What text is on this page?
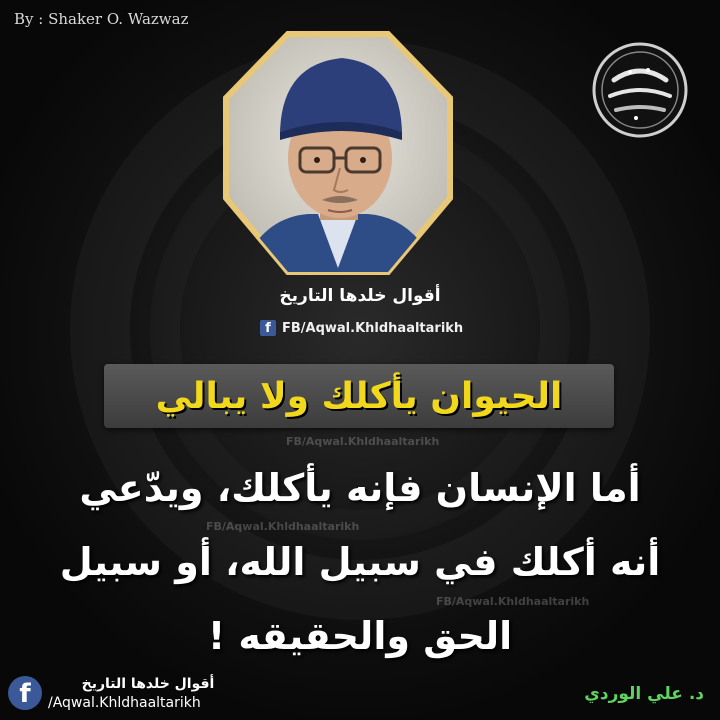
By : Shaker O. Wazwaz
أقوال خلدها التاريخ
f FB/Aqwal.Khldhaaltarikh
الحيوان يأكلك ولا يبالي
FB/Aqwal.Khldhaaltarikh
FB/Aqwal.Khldhaaltarikh
FB/Aqwal.Khldhaaltarikh
أما الإنسان فإنه يأكلك، ويدّعي
أنه أكلك في سبيل الله، أو سبيل
الحق والحقيقه !
f	أقوال خلدها التاريخ
/Aqwal.Khldhaaltarikh	د. علي الوردي
